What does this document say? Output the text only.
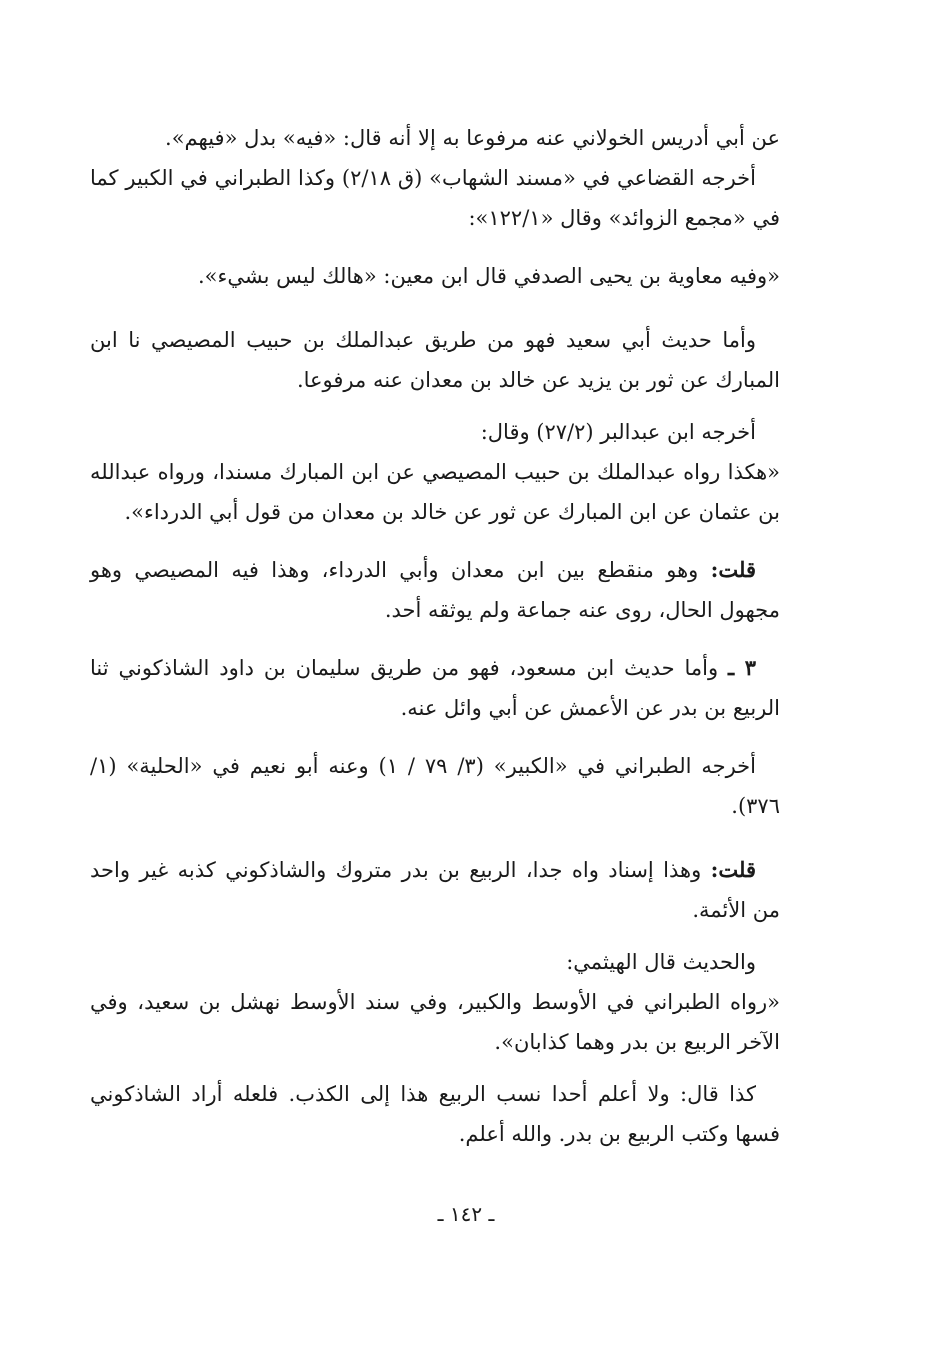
عن أبي أدريس الخولاني عنه مرفوعا به إلا أنه قال: «فيه» بدل «فيهم».

أخرجه القضاعي في «مسند الشهاب» (ق ٢/١٨) وكذا الطبراني في الكبير كما في «مجمع الزوائد» وقال «١٢٢/١»:

«وفيه معاوية بن يحيى الصدفي قال ابن معين: «هالك ليس بشيء».

وأما حديث أبي سعيد فهو من طريق عبدالملك بن حبيب المصيصي نا ابن المبارك عن ثور بن يزيد عن خالد بن معدان عنه مرفوعا.

أخرجه ابن عبدالبر (٢٧/٢) وقال:

«هكذا رواه عبدالملك بن حبيب المصيصي عن ابن المبارك مسندا، ورواه عبدالله بن عثمان عن ابن المبارك عن ثور عن خالد بن معدان من قول أبي الدرداء».

قلت: وهو منقطع بين ابن معدان وأبي الدرداء، وهذا فيه المصيصي وهو مجهول الحال، روى عنه جماعة ولم يوثقه أحد.

٣ ـ وأما حديث ابن مسعود، فهو من طريق سليمان بن داود الشاذكوني ثنا الربيع بن بدر عن الأعمش عن أبي وائل عنه.

أخرجه الطبراني في «الكبير» (٣/ ٧٩ / ١) وعنه أبو نعيم في «الحلية» (١/ ٣٧٦).

قلت: وهذا إسناد واه جدا، الربيع بن بدر متروك والشاذكوني كذبه غير واحد من الأئمة.

والحديث قال الهيثمي:

«رواه الطبراني في الأوسط والكبير، وفي سند الأوسط نهشل بن سعيد، وفي الآخر الربيع بن بدر وهما كذابان».

كذا قال: ولا أعلم أحدا نسب الربيع هذا إلى الكذب. فلعله أراد الشاذكوني فسها وكتب الربيع بن بدر. والله أعلم.

ـ ١٤٢ ـ
